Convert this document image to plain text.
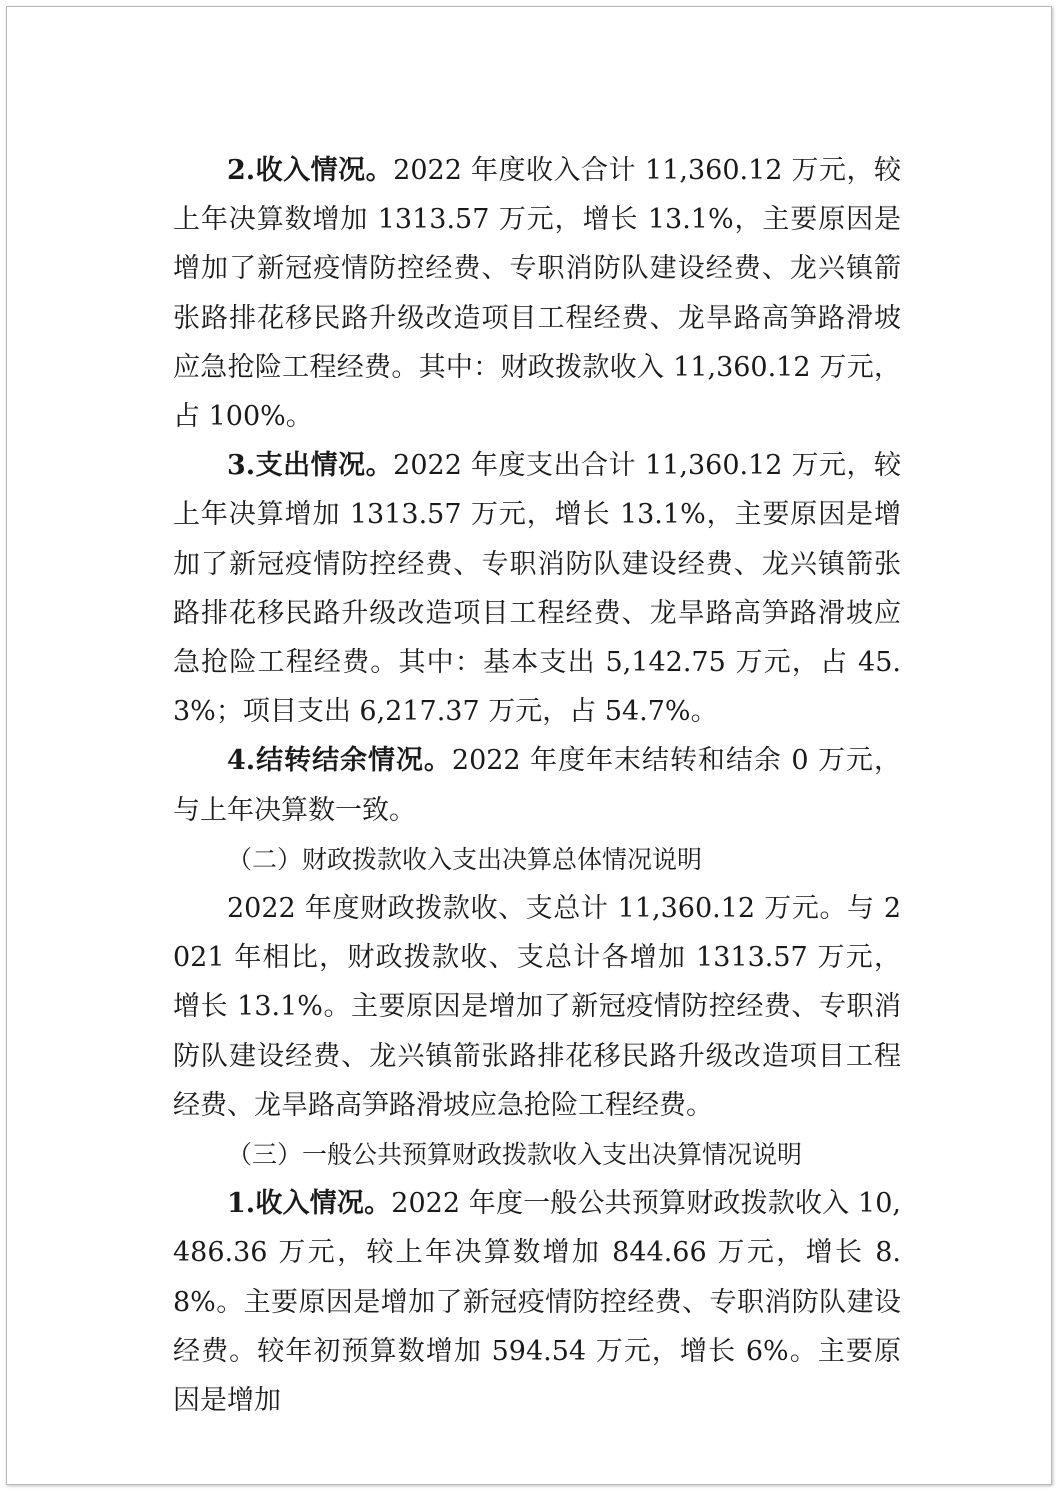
2.收入情况。2022 年度收入合计 11,360.12 万元，较上年决算数增加 1313.57 万元，增长 13.1%，主要原因是增加了新冠疫情防控经费、专职消防队建设经费、龙兴镇箭张路排花移民路升级改造项目工程经费、龙旱路高笋路滑坡应急抢险工程经费。其中：财政拨款收入 11,360.12 万元，占 100%。

3.支出情况。2022 年度支出合计 11,360.12 万元，较上年决算增加 1313.57 万元，增长 13.1%，主要原因是增加了新冠疫情防控经费、专职消防队建设经费、龙兴镇箭张路排花移民路升级改造项目工程经费、龙旱路高笋路滑坡应急抢险工程经费。其中：基本支出 5,142.75 万元，占 45.3%；项目支出 6,217.37 万元，占 54.7%。

4.结转结余情况。2022 年度年末结转和结余 0 万元，与上年决算数一致。

（二）财政拨款收入支出决算总体情况说明

2022 年度财政拨款收、支总计 11,360.12 万元。与 2021 年相比，财政拨款收、支总计各增加 1313.57 万元，增长 13.1%。主要原因是增加了新冠疫情防控经费、专职消防队建设经费、龙兴镇箭张路排花移民路升级改造项目工程经费、龙旱路高笋路滑坡应急抢险工程经费。

（三）一般公共预算财政拨款收入支出决算情况说明

1.收入情况。2022 年度一般公共预算财政拨款收入 10,486.36 万元，较上年决算数增加 844.66 万元，增长 8.8%。主要原因是增加了新冠疫情防控经费、专职消防队建设经费。较年初预算数增加 594.54 万元，增长 6%。主要原因是增加
